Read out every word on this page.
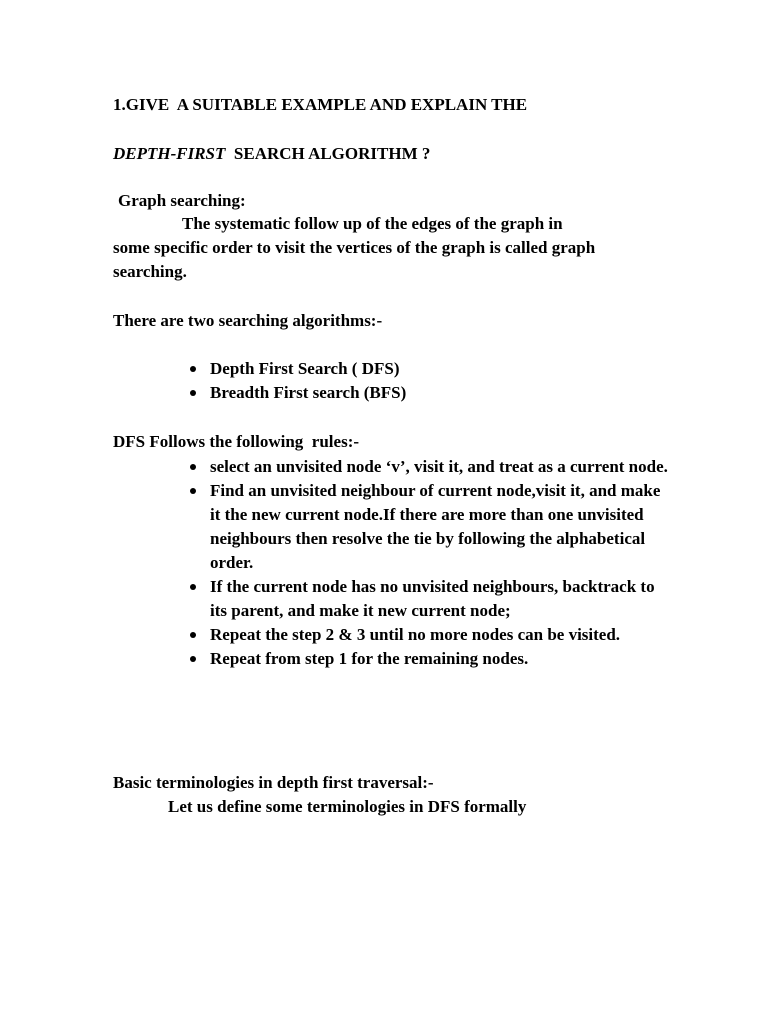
1.GIVE  A SUITABLE EXAMPLE AND EXPLAIN THE

DEPTH-FIRST  SEARCH ALGORITHM ?

Graph searching:

The systematic follow up of the edges of the graph in
some specific order to visit the vertices of the graph is called graph searching.

There are two searching algorithms:-

Depth First Search ( DFS)
Breadth First search (BFS)

DFS Follows the following  rules:-

select an unvisited node ‘v’, visit it, and treat as a current node.
Find an unvisited neighbour of current node,visit it, and make it the new current node.If there are more than one unvisited neighbours then resolve the tie by following the alphabetical order.
If the current node has no unvisited neighbours, backtrack to its parent, and make it new current node;
Repeat the step 2 & 3 until no more nodes can be visited.
Repeat from step 1 for the remaining nodes.

Basic terminologies in depth first traversal:-

Let us define some terminologies in DFS formally
